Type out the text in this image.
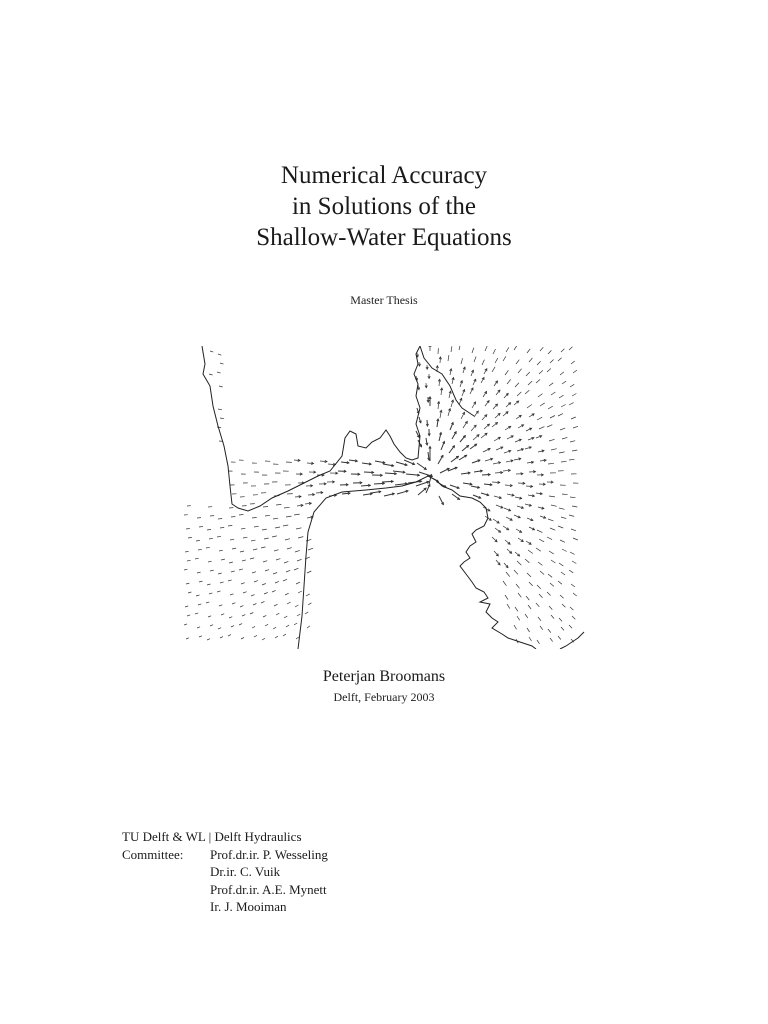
Numerical Accuracy
in Solutions of the
Shallow-Water Equations
Master Thesis
Peterjan Broomans
Delft, February 2003
TU Delft & WL | Delft Hydraulics
Committee:	Prof.dr.ir. P. Wesseling
Dr.ir. C. Vuik
Prof.dr.ir. A.E. Mynett
Ir. J. Mooiman
